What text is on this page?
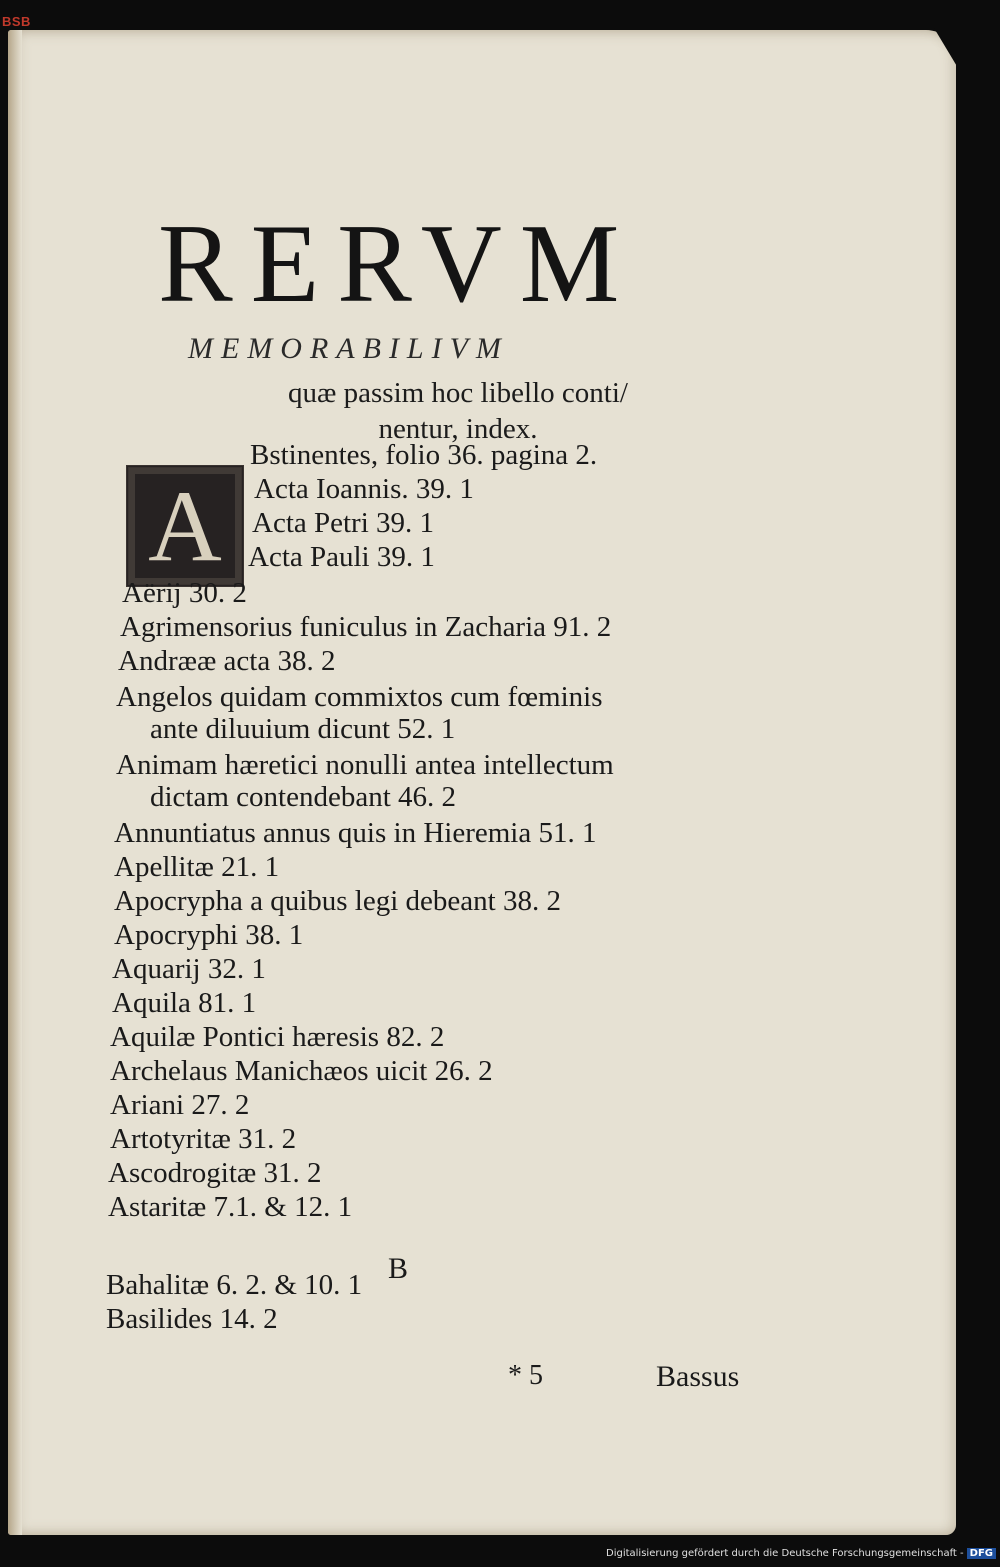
BSB
RERVM
MEMORABILIVM
quæ passim hoc libello conti/
nentur, index.
A
Bstinentes, folio 36. pagina 2.
Acta Ioannis. 39. 1
Acta Petri 39. 1
Acta Pauli 39. 1
Aërij 30. 2
Agrimensorius funiculus in Zacharia 91. 2
Andrææ acta 38. 2
Angelos quidam commixtos cum fœminis
ante diluuium dicunt 52. 1
Animam hæretici nonulli antea intellectum
dictam contendebant 46. 2
Annuntiatus annus quis in Hieremia 51. 1
Apellitæ 21. 1
Apocrypha a quibus legi debeant 38. 2
Apocryphi 38. 1
Aquarij 32. 1
Aquila 81. 1
Aquilæ Pontici hæresis 82. 2
Archelaus Manichæos uicit 26. 2
Ariani 27. 2
Artotyritæ 31. 2
Ascodrogitæ 31. 2
Astaritæ 7.1. & 12. 1
Bahalitæ 6. 2. & 10. 1
Basilides 14. 2
B
* 5	Bassus
Digitalisierung gefördert durch die Deutsche Forschungsgemeinschaft - DFG
